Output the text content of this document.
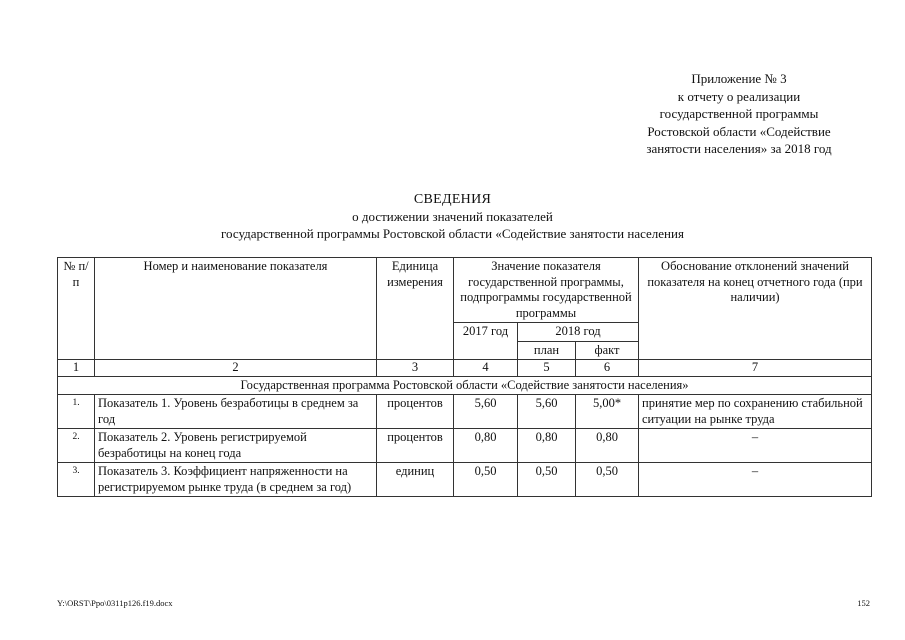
Приложение № 3
к отчету о реализации
государственной программы
Ростовской области «Содействие
занятости населения» за 2018 год
СВЕДЕНИЯ
о достижении значений показателей
государственной программы Ростовской области «Содействие занятости населения
№ п/п	Номер и наименование показателя	Единица измерения	Значение показателя государственной программы, подпрограммы государственной программы			Обоснование отклонений значений показателя на конец отчетного года (при наличии)
			2017 год	2018 год		
				план	факт	
1	2	3	4	5	6	7
Государственная программа Ростовской области «Содействие занятости населения»						
1.	Показатель 1. Уровень безработицы в среднем за год	процентов	5,60	5,60	5,00*	принятие мер по сохранению стабильной ситуации на рынке труда
2.	Показатель 2. Уровень регистрируемой безработицы на конец года	процентов	0,80	0,80	0,80	–
3.	Показатель 3. Коэффициент напряженности на регистрируемом рынке труда (в среднем за год)	единиц	0,50	0,50	0,50	–
Y:\ORST\Ppo\0311p126.f19.docx	152
